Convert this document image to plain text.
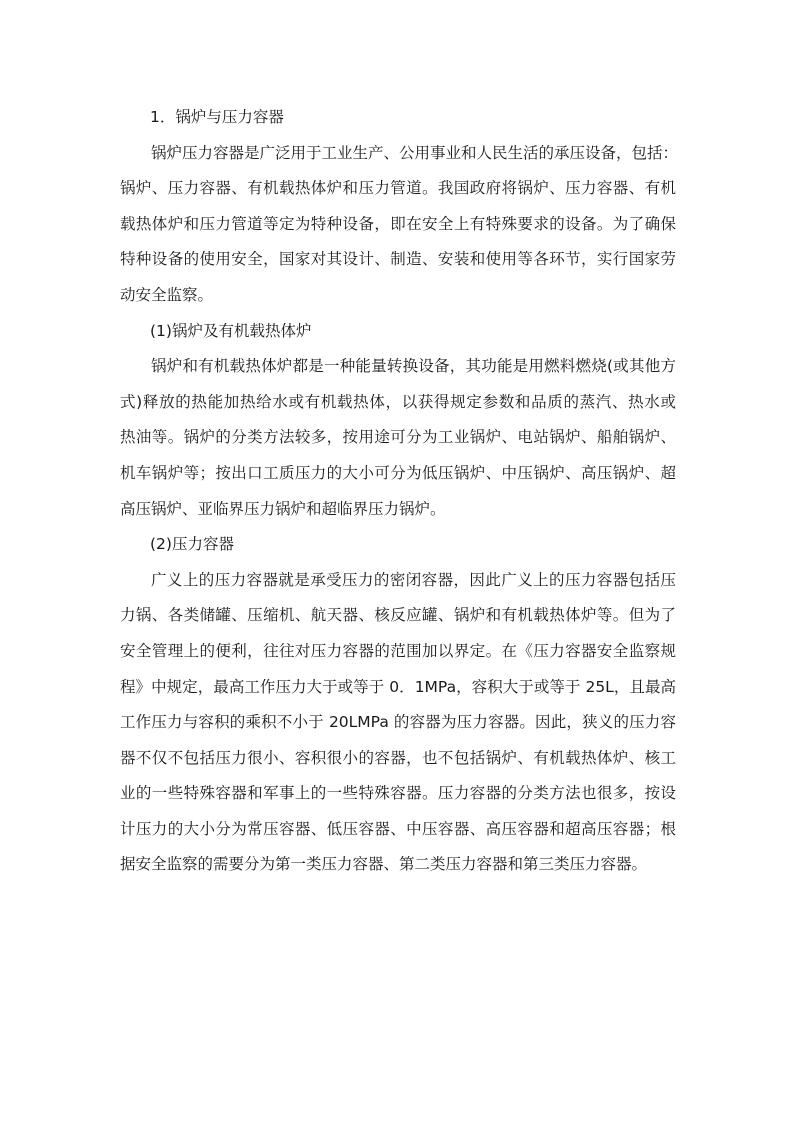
1．锅炉与压力容器
锅炉压力容器是广泛用于工业生产、公用事业和人民生活的承压设备，包括：
锅炉、压力容器、有机载热体炉和压力管道。我国政府将锅炉、压力容器、有机
载热体炉和压力管道等定为特种设备，即在安全上有特殊要求的设备。为了确保
特种设备的使用安全，国家对其设计、制造、安装和使用等各环节，实行国家劳
动安全监察。
(1)锅炉及有机载热体炉
锅炉和有机载热体炉都是一种能量转换设备，其功能是用燃料燃烧(或其他方
式)释放的热能加热给水或有机载热体，以获得规定参数和品质的蒸汽、热水或
热油等。锅炉的分类方法较多，按用途可分为工业锅炉、电站锅炉、船舶锅炉、
机车锅炉等；按出口工质压力的大小可分为低压锅炉、中压锅炉、高压锅炉、超
高压锅炉、亚临界压力锅炉和超临界压力锅炉。
(2)压力容器
广义上的压力容器就是承受压力的密闭容器，因此广义上的压力容器包括压
力锅、各类储罐、压缩机、航天器、核反应罐、锅炉和有机载热体炉等。但为了
安全管理上的便利，往往对压力容器的范围加以界定。在《压力容器安全监察规
程》中规定，最高工作压力大于或等于 0．1MPa，容积大于或等于 25L，且最高
工作压力与容积的乘积不小于 20LMPa 的容器为压力容器。因此，狭义的压力容
器不仅不包括压力很小、容积很小的容器，也不包括锅炉、有机载热体炉、核工
业的一些特殊容器和军事上的一些特殊容器。压力容器的分类方法也很多，按设
计压力的大小分为常压容器、低压容器、中压容器、高压容器和超高压容器；根
据安全监察的需要分为第一类压力容器、第二类压力容器和第三类压力容器。
